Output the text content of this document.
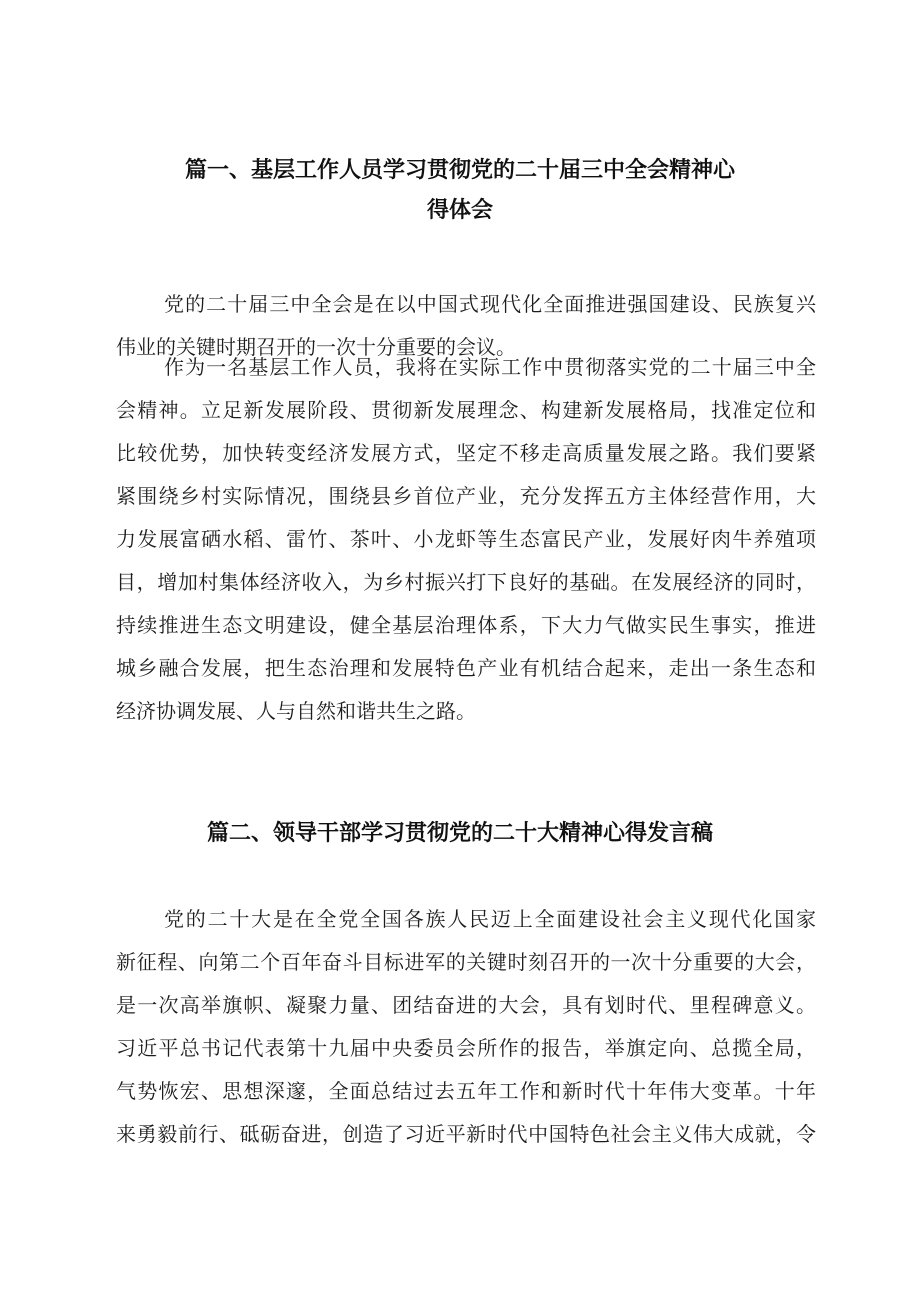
篇一、基层工作人员学习贯彻党的二十届三中全会精神心
得体会
党的二十届三中全会是在以中国式现代化全面推进强国建设、民族复兴
伟业的关键时期召开的一次十分重要的会议。
作为一名基层工作人员，我将在实际工作中贯彻落实党的二十届三中全
会精神。立足新发展阶段、贯彻新发展理念、构建新发展格局，找准定位和
比较优势，加快转变经济发展方式，坚定不移走高质量发展之路。我们要紧
紧围绕乡村实际情况，围绕县乡首位产业，充分发挥五方主体经营作用，大
力发展富硒水稻、雷竹、茶叶、小龙虾等生态富民产业，发展好肉牛养殖项
目，增加村集体经济收入，为乡村振兴打下良好的基础。在发展经济的同时，
持续推进生态文明建设，健全基层治理体系，下大力气做实民生事实，推进
城乡融合发展，把生态治理和发展特色产业有机结合起来，走出一条生态和
经济协调发展、人与自然和谐共生之路。
篇二、领导干部学习贯彻党的二十大精神心得发言稿
党的二十大是在全党全国各族人民迈上全面建设社会主义现代化国家
新征程、向第二个百年奋斗目标进军的关键时刻召开的一次十分重要的大会，
是一次高举旗帜、凝聚力量、团结奋进的大会，具有划时代、里程碑意义。
习近平总书记代表第十九届中央委员会所作的报告，举旗定向、总揽全局，
气势恢宏、思想深邃，全面总结过去五年工作和新时代十年伟大变革。十年
来勇毅前行、砥砺奋进，创造了习近平新时代中国特色社会主义伟大成就，令
